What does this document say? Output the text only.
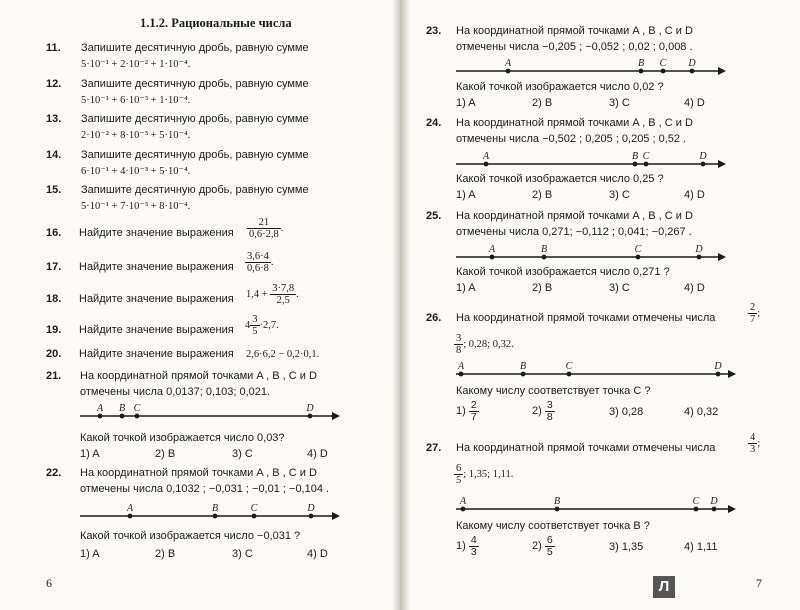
1.1.2. Рациональные числа
11. Запишите десятичную дробь, равную сумме
5·10⁻¹ + 2·10⁻² + 1·10⁻⁴.
12. Запишите десятичную дробь, равную сумме
5·10⁻¹ + 6·10⁻³ + 1·10⁻⁴.
13. Запишите десятичную дробь, равную сумме
2·10⁻² + 8·10⁻³ + 5·10⁻⁴.
14. Запишите десятичную дробь, равную сумме
6·10⁻¹ + 4·10⁻³ + 5·10⁻⁴.
15. Запишите десятичную дробь, равную сумме
5·10⁻¹ + 7·10⁻³ + 8·10⁻⁴.
16. Найдите значение выражения $\frac{21}{0,6\cdot 2,8}$ .
17. Найдите значение выражения $\frac{3,6\cdot 4}{0,6\cdot 8}$ .
18. Найдите значение выражения $1,4 + \frac{3\cdot 7,8}{2,5}$ .
19. Найдите значение выражения $4 \frac{3}{5} \cdot 2,7$.
20. Найдите значение выражения 2,6·6,2 − 0,2·0,1.
21. На координатной прямой точками A , B , C и D
отмечены числа 0,0137; 0,103; 0,021.
A B C	D
Какой точкой изображается число 0,03?
1) A	2) B	3) C	4) D
22. На координатной прямой точками A , B , C и D
отмечены числа 0,1032 ; −0,031 ; −0,01 ; −0,104 .
A	B	C	D
Какой точкой изображается число −0,031 ?
1) A	2) B	3) C	4) D
6
23. На координатной прямой точками A , B , C и D
отмечены числа −0,205 ; −0,052 ; 0,02 ; 0,008 .
A	B C D
Какой точкой изображается число 0,02 ?
1) A	2) B	3) C	4) D
24. На координатной прямой точками A , B , C и D
отмечены числа −0,502 ; 0,205 ; 0,205 ; 0,52 .
A	B C	D
Какой точкой изображается число 0,25 ?
1) A	2) B	3) C	4) D
25. На координатной прямой точками A , B , C и D
отмечены числа 0,271; −0,112 ; 0,041; −0,267 .
A	B	C	D
Какой точкой изображается число 0,271 ?
1) A	2) B	3) C	4) D
26. На координатной прямой точками отмечены числа	$\frac{2}{7}$ ;
$\frac{3}{8}$ ; 0,28; 0,32.
A	B	C	D
Какому числу соответствует точка C ?
$1) \frac{2}{7}$	$2) \frac{3}{8}$	3) 0,28	4) 0,32
27. На координатной прямой точками отмечены числа	$\frac{4}{3}$ ;
$\frac{6}{5}$ ; 1,35; 1,11.
A	B	C D
Какому числу соответствует точка B ?
$1) \frac{4}{3}$	$2) \frac{6}{5}$	3) 1,35	4) 1,11
7
Л
